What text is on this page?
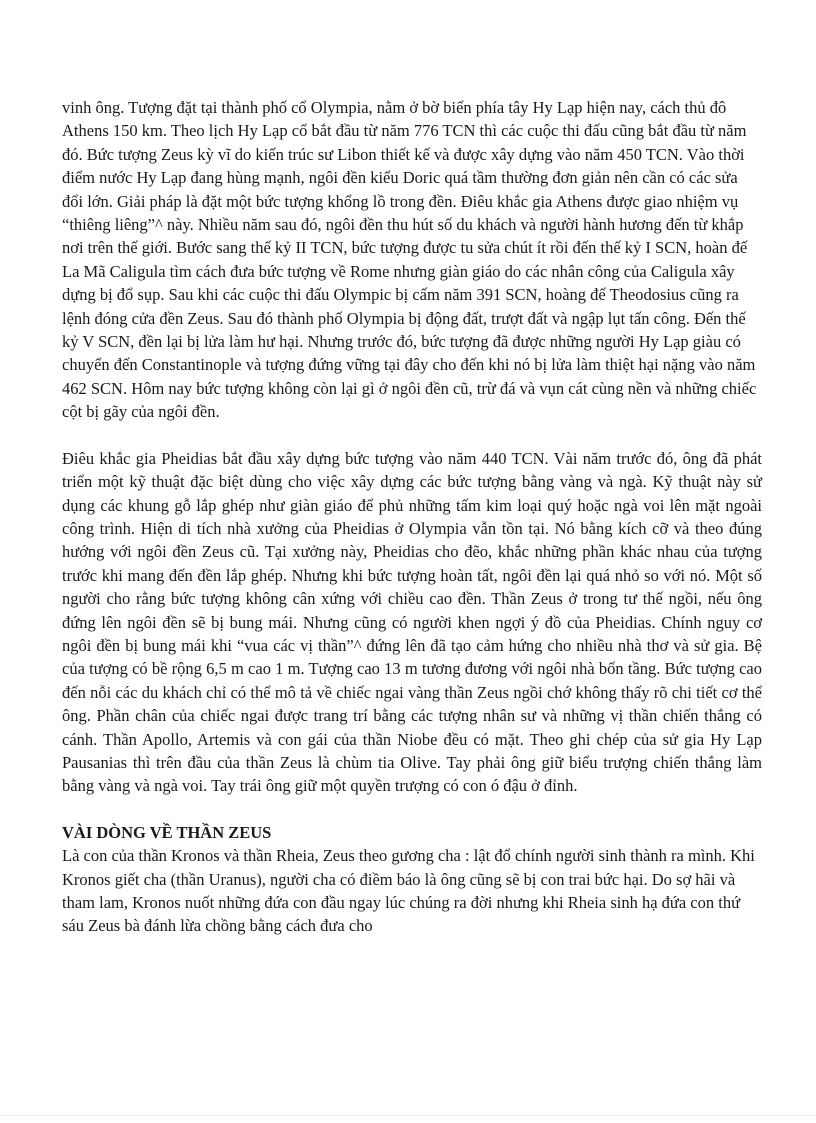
vinh ông. Tượng đặt tại thành phố cổ Olympia, nằm ở bờ biển phía tây Hy Lạp hiện nay, cách thủ đô Athens 150 km. Theo lịch Hy Lạp cổ bắt đầu từ năm 776 TCN thì các cuộc thi đấu cũng bắt đầu từ năm đó. Bức tượng Zeus kỳ vĩ do kiến trúc sư Libon thiết kế và được xây dựng vào năm 450 TCN. Vào thời điểm nước Hy Lạp đang hùng mạnh, ngôi đền kiểu Doric quá tầm thường đơn giản nên cần có các sửa đổi lớn. Giải pháp là đặt một bức tượng khổng lồ trong đền. Điêu khắc gia Athens được giao nhiệm vụ “thiêng liêng”^ này. Nhiều năm sau đó, ngôi đền thu hút số du khách và người hành hương đến từ khắp nơi trên thế giới. Bước sang thế kỷ II TCN, bức tượng được tu sửa chút ít rồi đến thế kỷ I SCN, hoàn đế La Mã Caligula tìm cách đưa bức tượng về Rome nhưng giàn giáo do các nhân công của Caligula xây dựng bị đổ sụp. Sau khi các cuộc thi đấu Olympic bị cấm năm 391 SCN, hoàng đế Theodosius cũng ra lệnh đóng cửa đền Zeus. Sau đó thành phố Olympia bị động đất, trượt đất và ngập lụt tấn công. Đến thế kỷ V SCN, đền lại bị lửa làm hư hại. Nhưng trước đó, bức tượng đã được những người Hy Lạp giàu có chuyển đến Constantinople và tượng đứng vững tại đây cho đến khi nó bị lửa làm thiệt hại nặng vào năm 462 SCN. Hôm nay bức tượng không còn lại gì ở ngôi đền cũ, trừ đá và vụn cát cùng nền và những chiếc cột bị gãy của ngôi đền.

Điêu khắc gia Pheidias bắt đầu xây dựng bức tượng vào năm 440 TCN. Vài năm trước đó, ông đã phát triển một kỹ thuật đặc biệt dùng cho việc xây dựng các bức tượng bằng vàng và ngà. Kỹ thuật này sử dụng các khung gỗ lắp ghép như giàn giáo để phủ những tấm kim loại quý hoặc ngà voi lên mặt ngoài công trình. Hiện di tích nhà xưởng của Pheidias ở Olympia vẫn tồn tại. Nó bằng kích cỡ và theo đúng hướng với ngôi đền Zeus cũ. Tại xưởng này, Pheidias cho đẽo, khắc những phần khác nhau của tượng trước khi mang đến đền lắp ghép. Nhưng khi bức tượng hoàn tất, ngôi đền lại quá nhỏ so với nó. Một số người cho rằng bức tượng không cân xứng với chiều cao đền. Thần Zeus ở trong tư thế ngồi, nếu ông đứng lên ngôi đền sẽ bị bung mái. Nhưng cũng có người khen ngợi ý đồ của Pheidias. Chính nguy cơ ngôi đền bị bung mái khi “vua các vị thần”^ đứng lên đã tạo cảm hứng cho nhiều nhà thơ và sử gia. Bệ của tượng có bề rộng 6,5 m cao 1 m. Tượng cao 13 m tương đương với ngôi nhà bốn tầng. Bức tượng cao đến nỗi các du khách chỉ có thể mô tả về chiếc ngai vàng thần Zeus ngồi chớ không thấy rõ chi tiết cơ thể ông. Phần chân của chiếc ngai được trang trí bằng các tượng nhân sư và những vị thần chiến thắng có cánh. Thần Apollo, Artemis và con gái của thần Niobe đều có mặt. Theo ghi chép của sử gia Hy Lạp Pausanias thì trên đầu của thần Zeus là chùm tia Olive. Tay phải ông giữ biểu trượng chiến thắng làm bằng vàng và ngà voi. Tay trái ông giữ một quyền trượng có con ó đậu ở đỉnh.

VÀI DÒNG VỀ THẦN ZEUS

Là con của thần Kronos và thần Rheia, Zeus theo gương cha : lật đổ chính người sinh thành ra mình. Khi Kronos giết cha (thần Uranus), người cha có điềm báo là ông cũng sẽ bị con trai bức hại. Do sợ hãi và tham lam, Kronos nuốt những đứa con đầu ngay lúc chúng ra đời nhưng khi Rheia sinh hạ đứa con thứ sáu Zeus bà đánh lừa chồng bằng cách đưa cho
